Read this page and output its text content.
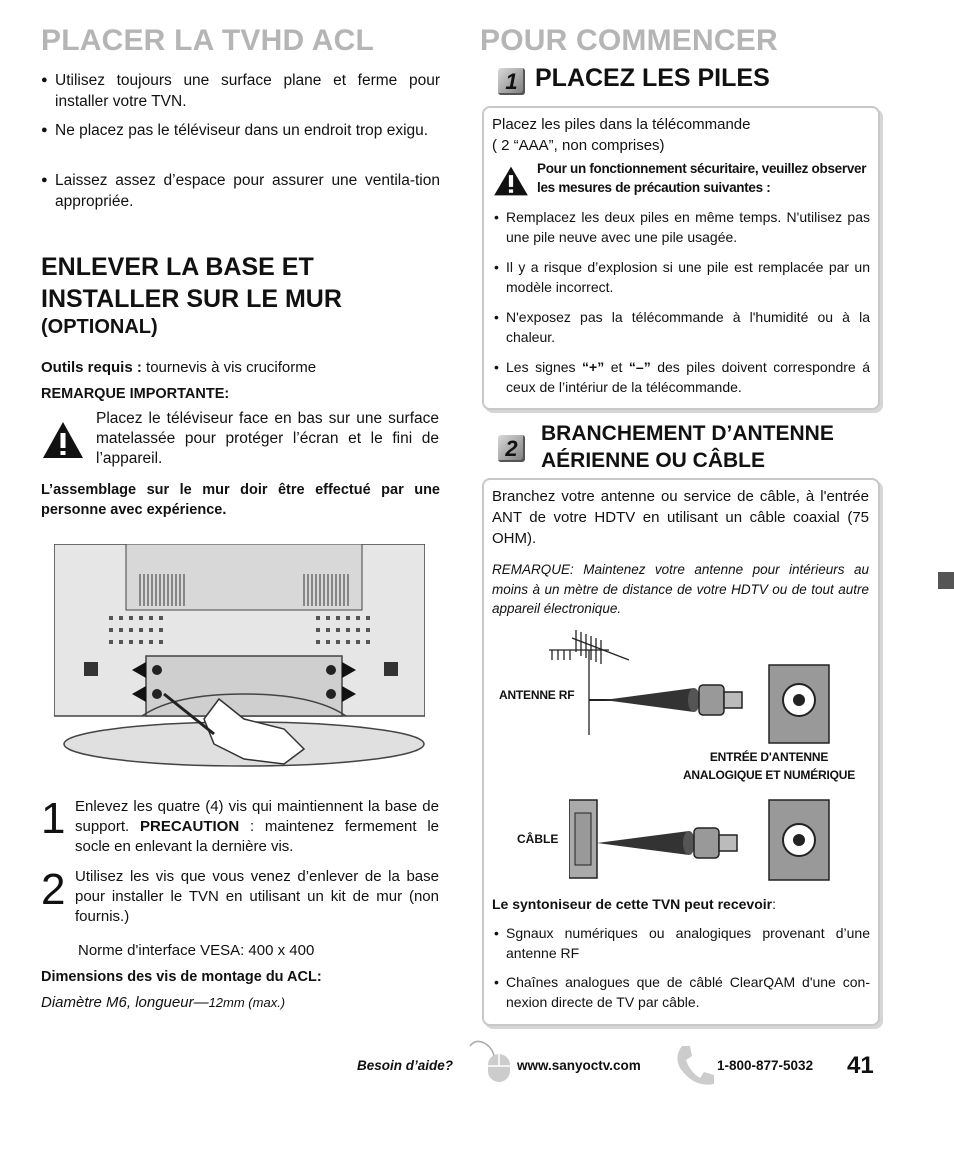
PLACER LA TVHD ACL
● Utilisez toujours une surface plane et ferme pour installer votre TVN.
● Ne placez pas le téléviseur dans un endroit trop exigu.
● Laissez assez d’espace pour assurer une ventila-tion appropriée.
ENLEVER LA BASE ET
INSTALLER SUR LE MUR
(OPTIONAL)
Outils requis : tournevis à vis cruciforme
REMARQUE IMPORTANTE:
Placez le téléviseur face en bas sur une surface matelassée pour protéger l’écran et le fini de l’appareil.
L’assemblage sur le mur doir être effectué par une personne avec expérience.
1 Enlevez les quatre (4) vis qui maintiennent la base de support. PRECAUTION : maintenez fermement le socle en enlevant la dernière vis.
2 Utilisez les vis que vous venez d’enlever de la base pour installer le TVN en utilisant un kit de mur (non fournis.)
Norme d'interface VESA: 400 x 400
Dimensions des vis de montage du ACL:
Diamètre M6, longueur—12mm (max.)
POUR COMMENCER
1 PLACEZ LES PILES
Placez les piles dans la télécommande
( 2 “AAA”, non comprises)
Pour un fonctionnement sécuritaire, veuillez observer les mesures de précaution suivantes :
• Remplacez les deux piles en même temps. N'utilisez pas une pile neuve avec une pile usagée.
• Il y a risque d’explosion si une pile est remplacée par un modèle incorrect.
• N'exposez pas la télécommande à l'humidité ou à la chaleur.
• Les signes “+” et “–” des piles doivent correspondre á ceux de l’intériur de la télécommande.
2
BRANCHEMENT D’ANTENNE
AÉRIENNE OU CÂBLE
Branchez votre antenne ou service de câble, à l'entrée ANT de votre HDTV en utilisant un câble coaxial (75 OHM).
REMARQUE: Maintenez votre antenne pour intérieurs au moins à un mètre de distance de votre HDTV ou de tout autre appareil électronique.
ANTENNE RF
ENTRÉE D'ANTENNE
ANALOGIQUE ET NUMÉRIQUE
CÂBLE
Le syntoniseur de cette TVN peut recevoir:
• Sgnaux numériques ou analogiques provenant d’une antenne RF
• Chaînes analogues que de câblé ClearQAM d'une con-nexion directe de TV par câble.
Besoin d’aide?	www.sanyoctv.com	1-800-877-5032 41
